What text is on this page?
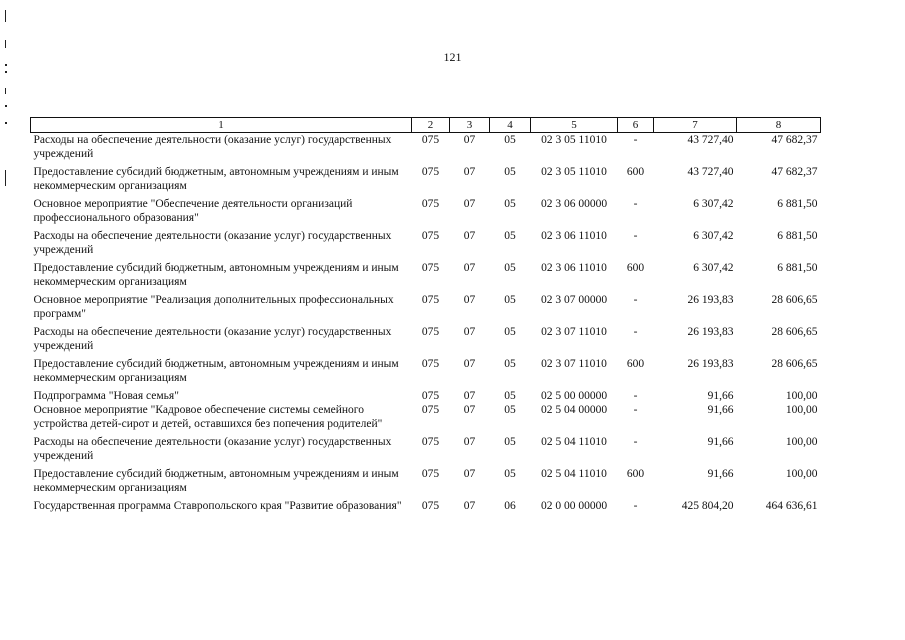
121
1	2	3	4	5	6	7	8
Расходы на обеспечение деятельности (оказание услуг) государственных учреждений	075	07	05	02 3 05 11010	-	43 727,40	47 682,37
Предоставление субсидий бюджетным, автономным учреждениям и иным некоммерческим организациям	075	07	05	02 3 05 11010	600	43 727,40	47 682,37
Основное мероприятие "Обеспечение деятельности организаций профессионального образования"	075	07	05	02 3 06 00000	-	6 307,42	6 881,50
Расходы на обеспечение деятельности (оказание услуг) государственных учреждений	075	07	05	02 3 06 11010	-	6 307,42	6 881,50
Предоставление субсидий бюджетным, автономным учреждениям и иным некоммерческим организациям	075	07	05	02 3 06 11010	600	6 307,42	6 881,50
Основное мероприятие "Реализация дополнительных профессиональных программ"	075	07	05	02 3 07 00000	-	26 193,83	28 606,65
Расходы на обеспечение деятельности (оказание услуг) государственных учреждений	075	07	05	02 3 07 11010	-	26 193,83	28 606,65
Предоставление субсидий бюджетным, автономным учреждениям и иным некоммерческим организациям	075	07	05	02 3 07 11010	600	26 193,83	28 606,65
Подпрограмма "Новая семья"	075	07	05	02 5 00 00000	-	91,66	100,00
Основное мероприятие "Кадровое обеспечение системы семейного устройства детей-сирот и детей, оставшихся без попечения родителей"	075	07	05	02 5 04 00000	-	91,66	100,00
Расходы на обеспечение деятельности (оказание услуг) государственных учреждений	075	07	05	02 5 04 11010	-	91,66	100,00
Предоставление субсидий бюджетным, автономным учреждениям и иным некоммерческим организациям	075	07	05	02 5 04 11010	600	91,66	100,00
Государственная программа Ставропольского края "Развитие образования"	075	07	06	02 0 00 00000	-	425 804,20	464 636,61
